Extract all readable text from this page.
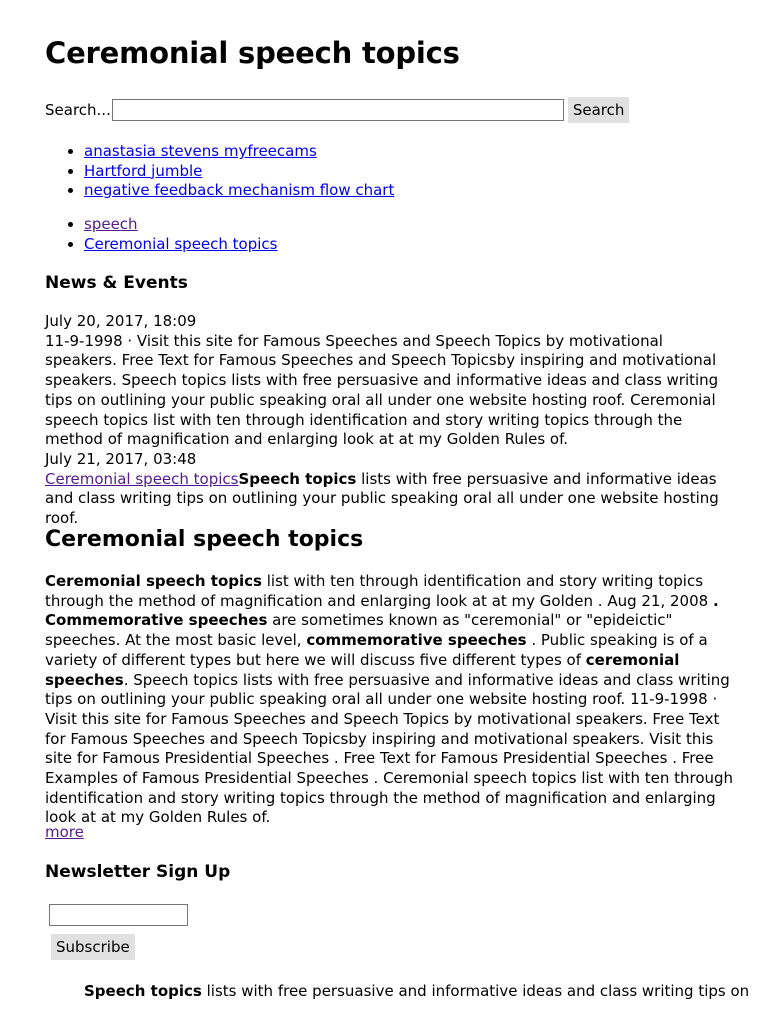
Ceremonial speech topics
Search...	Search
• anastasia stevens myfreecams
• Hartford jumble
• negative feedback mechanism flow chart
• speech
• Ceremonial speech topics
News & Events
July 20, 2017, 18:09
11-9-1998 · Visit this site for Famous Speeches and Speech Topics by motivational speakers. Free Text for Famous Speeches and Speech Topicsby inspiring and motivational speakers. Speech topics lists with free persuasive and informative ideas and class writing tips on outlining your public speaking oral all under one website hosting roof. Ceremonial speech topics list with ten through identification and story writing topics through the method of magnification and enlarging look at at my Golden Rules of.
July 21, 2017, 03:48
Ceremonial speech topicsSpeech topics lists with free persuasive and informative ideas and class writing tips on outlining your public speaking oral all under one website hosting roof.
Ceremonial speech topics
Ceremonial speech topics list with ten through identification and story writing topics through the method of magnification and enlarging look at at my Golden . Aug 21, 2008 . Commemorative speeches are sometimes known as "ceremonial" or "epideictic" speeches. At the most basic level, commemorative speeches . Public speaking is of a variety of different types but here we will discuss five different types of ceremonial speeches. Speech topics lists with free persuasive and informative ideas and class writing tips on outlining your public speaking oral all under one website hosting roof. 11-9-1998 · Visit this site for Famous Speeches and Speech Topics by motivational speakers. Free Text for Famous Speeches and Speech Topicsby inspiring and motivational speakers. Visit this site for Famous Presidential Speeches . Free Text for Famous Presidential Speeches . Free Examples of Famous Presidential Speeches . Ceremonial speech topics list with ten through identification and story writing topics through the method of magnification and enlarging look at at my Golden Rules of.
more
Newsletter Sign Up
Subscribe
Speech topics lists with free persuasive and informative ideas and class writing tips on
